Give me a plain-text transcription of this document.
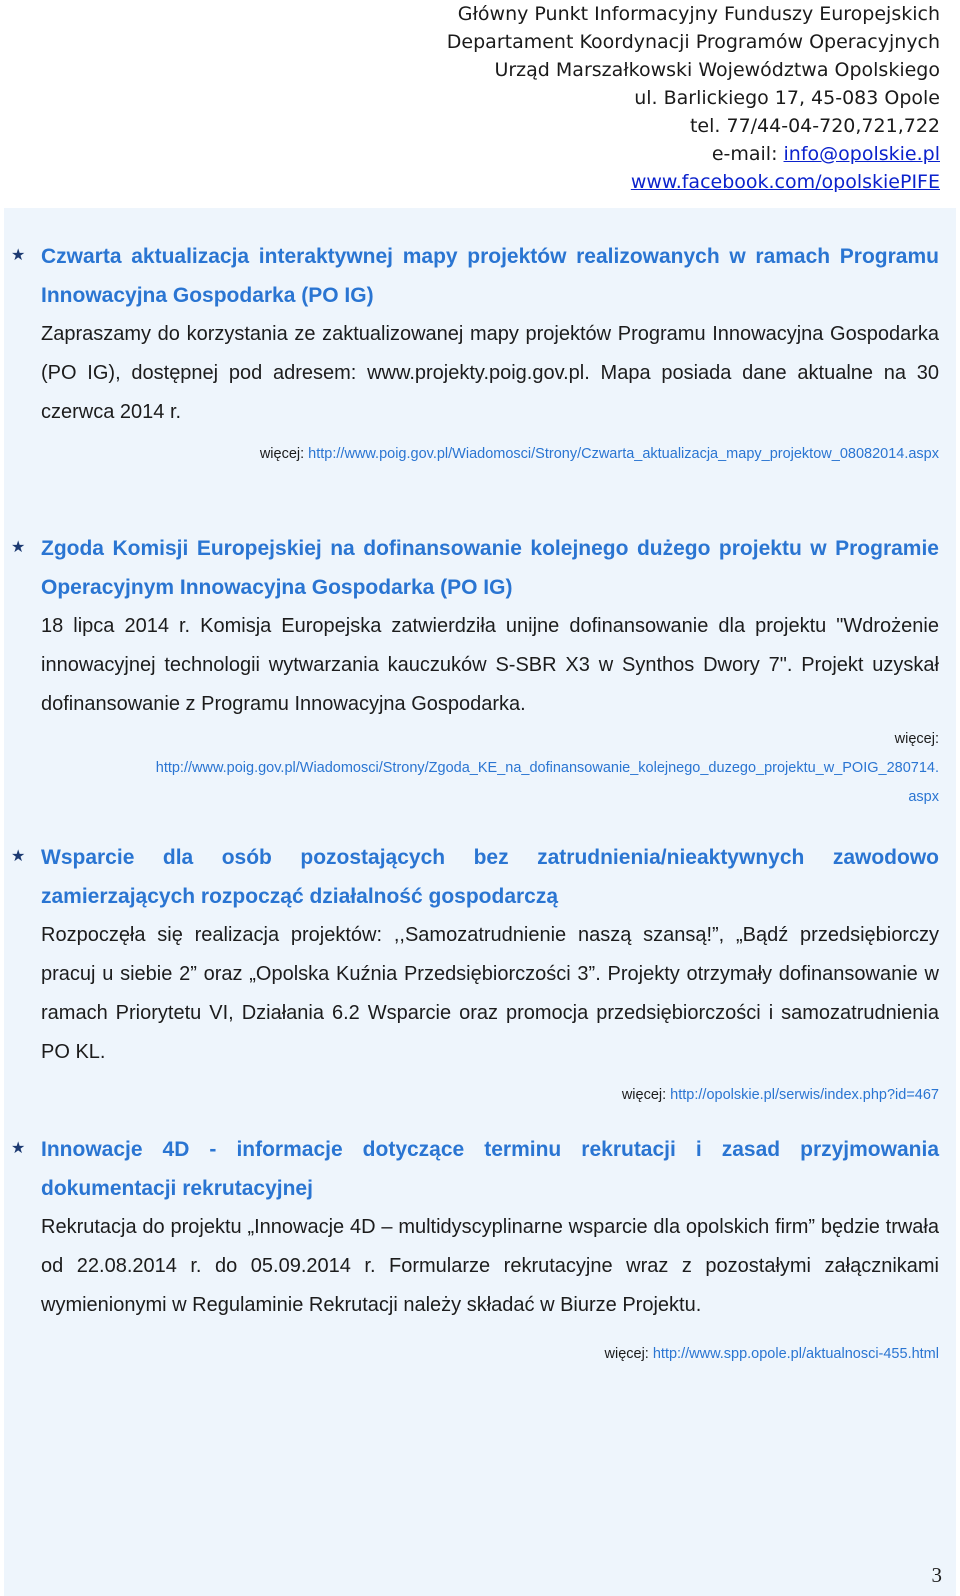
Główny Punkt Informacyjny Funduszy Europejskich
Departament Koordynacji Programów Operacyjnych
Urząd Marszałkowski Województwa Opolskiego
ul. Barlickiego 17, 45-083 Opole
tel. 77/44-04-720,721,722
e-mail: info@opolskie.pl
www.facebook.com/opolskiePIFE
★ Czwarta aktualizacja interaktywnej mapy projektów realizowanych w ramach Programu Innowacyjna Gospodarka (PO IG)
Zapraszamy do korzystania ze zaktualizowanej mapy projektów Programu Innowacyjna Gospodarka (PO IG), dostępnej pod adresem: www.projekty.poig.gov.pl. Mapa posiada dane aktualne na 30 czerwca 2014 r.
więcej: http://www.poig.gov.pl/Wiadomosci/Strony/Czwarta_aktualizacja_mapy_projektow_08082014.aspx
★ Zgoda Komisji Europejskiej na dofinansowanie kolejnego dużego projektu w Programie Operacyjnym Innowacyjna Gospodarka (PO IG)
18 lipca 2014 r. Komisja Europejska zatwierdziła unijne dofinansowanie dla projektu "Wdrożenie innowacyjnej technologii wytwarzania kauczuków S-SBR X3 w Synthos Dwory 7". Projekt uzyskał dofinansowanie z Programu Innowacyjna Gospodarka.
więcej:
http://www.poig.gov.pl/Wiadomosci/Strony/Zgoda_KE_na_dofinansowanie_kolejnego_duzego_projektu_w_POIG_280714.
aspx
★ Wsparcie dla osób pozostających bez zatrudnienia/nieaktywnych zawodowo zamierzających rozpocząć działalność gospodarczą
Rozpoczęła się realizacja projektów: ,,Samozatrudnienie naszą szansą!”, „Bądź przedsiębiorczy pracuj u siebie 2” oraz „Opolska Kuźnia Przedsiębiorczości 3”. Projekty otrzymały dofinansowanie w ramach Priorytetu VI, Działania 6.2 Wsparcie oraz promocja przedsiębiorczości i samozatrudnienia PO KL.
więcej: http://opolskie.pl/serwis/index.php?id=467
★ Innowacje 4D - informacje dotyczące terminu rekrutacji i zasad przyjmowania dokumentacji rekrutacyjnej
Rekrutacja do projektu „Innowacje 4D – multidyscyplinarne wsparcie dla opolskich firm” będzie trwała od 22.08.2014 r. do 05.09.2014 r. Formularze rekrutacyjne wraz z pozostałymi załącznikami wymienionymi w Regulaminie Rekrutacji należy składać w Biurze Projektu.
więcej: http://www.spp.opole.pl/aktualnosci-455.html
3
